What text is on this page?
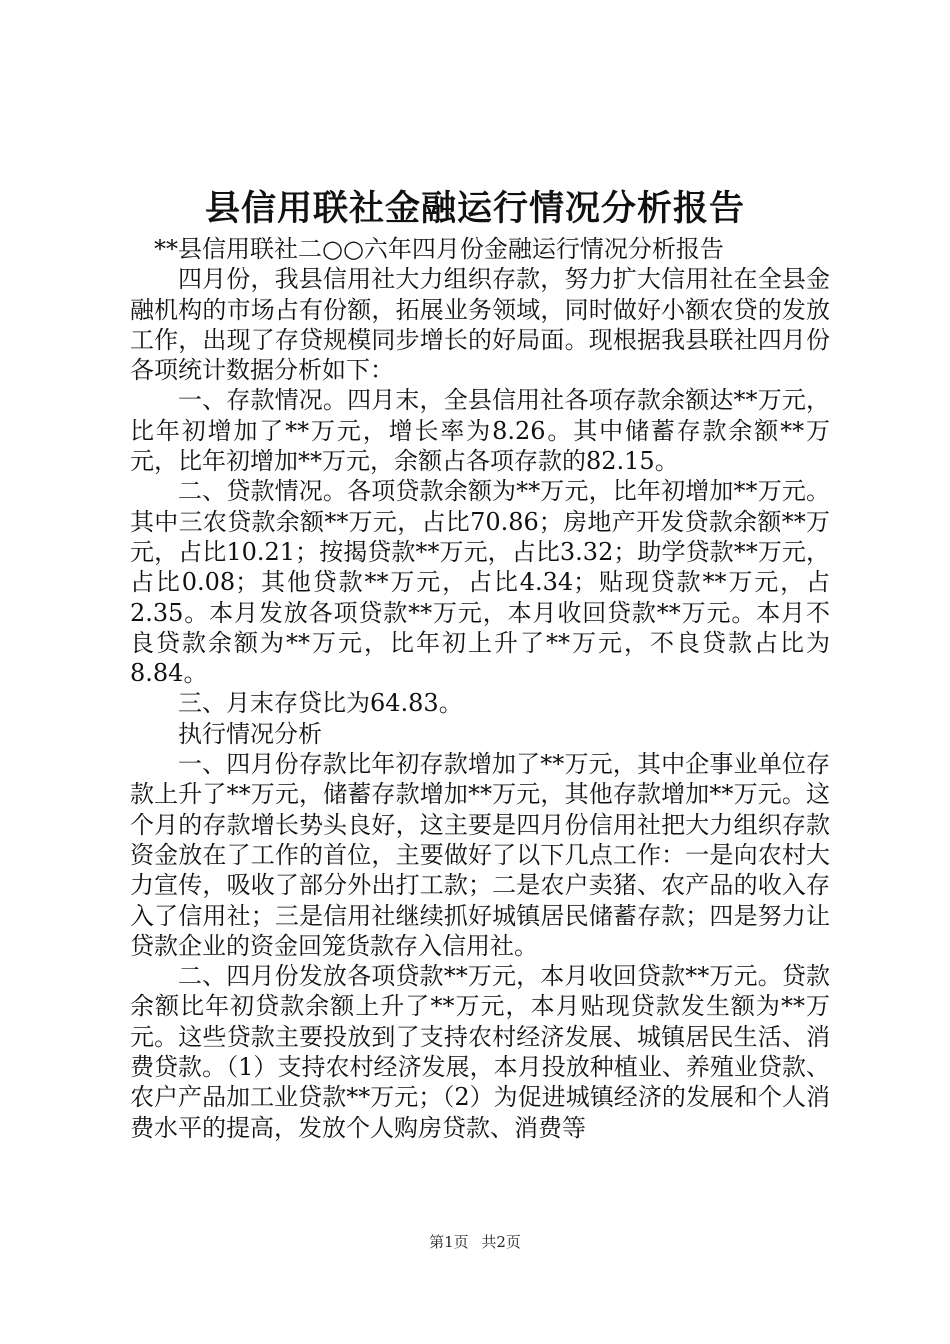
县信用联社金融运行情况分析报告

**县信用联社二○○六年四月份金融运行情况分析报告

四月份，我县信用社大力组织存款，努力扩大信用社在全县金融机构的市场占有份额，拓展业务领域，同时做好小额农贷的发放工作，出现了存贷规模同步增长的好局面。现根据我县联社四月份各项统计数据分析如下：

一、存款情况。四月末，全县信用社各项存款余额达**万元，比年初增加了**万元，增长率为8.26。其中储蓄存款余额**万元，比年初增加**万元，余额占各项存款的82.15。

二、贷款情况。各项贷款余额为**万元，比年初增加**万元。其中三农贷款余额**万元，占比70.86；房地产开发贷款余额**万元，占比10.21；按揭贷款**万元，占比3.32；助学贷款**万元，占比0.08；其他贷款**万元，占比4.34；贴现贷款**万元，占2.35。本月发放各项贷款**万元，本月收回贷款**万元。本月不良贷款余额为**万元，比年初上升了**万元，不良贷款占比为8.84。

三、月末存贷比为64.83。

执行情况分析

一、四月份存款比年初存款增加了**万元，其中企事业单位存款上升了**万元，储蓄存款增加**万元，其他存款增加**万元。这个月的存款增长势头良好，这主要是四月份信用社把大力组织存款资金放在了工作的首位，主要做好了以下几点工作：一是向农村大力宣传，吸收了部分外出打工款；二是农户卖猪、农产品的收入存入了信用社；三是信用社继续抓好城镇居民储蓄存款；四是努力让贷款企业的资金回笼货款存入信用社。

二、四月份发放各项贷款**万元，本月收回贷款**万元。贷款余额比年初贷款余额上升了**万元，本月贴现贷款发生额为**万元。这些贷款主要投放到了支持农村经济发展、城镇居民生活、消费贷款。（1）支持农村经济发展，本月投放种植业、养殖业贷款、农户产品加工业贷款**万元；（2）为促进城镇经济的发展和个人消费水平的提高，发放个人购房贷款、消费等

第1页 共2页
